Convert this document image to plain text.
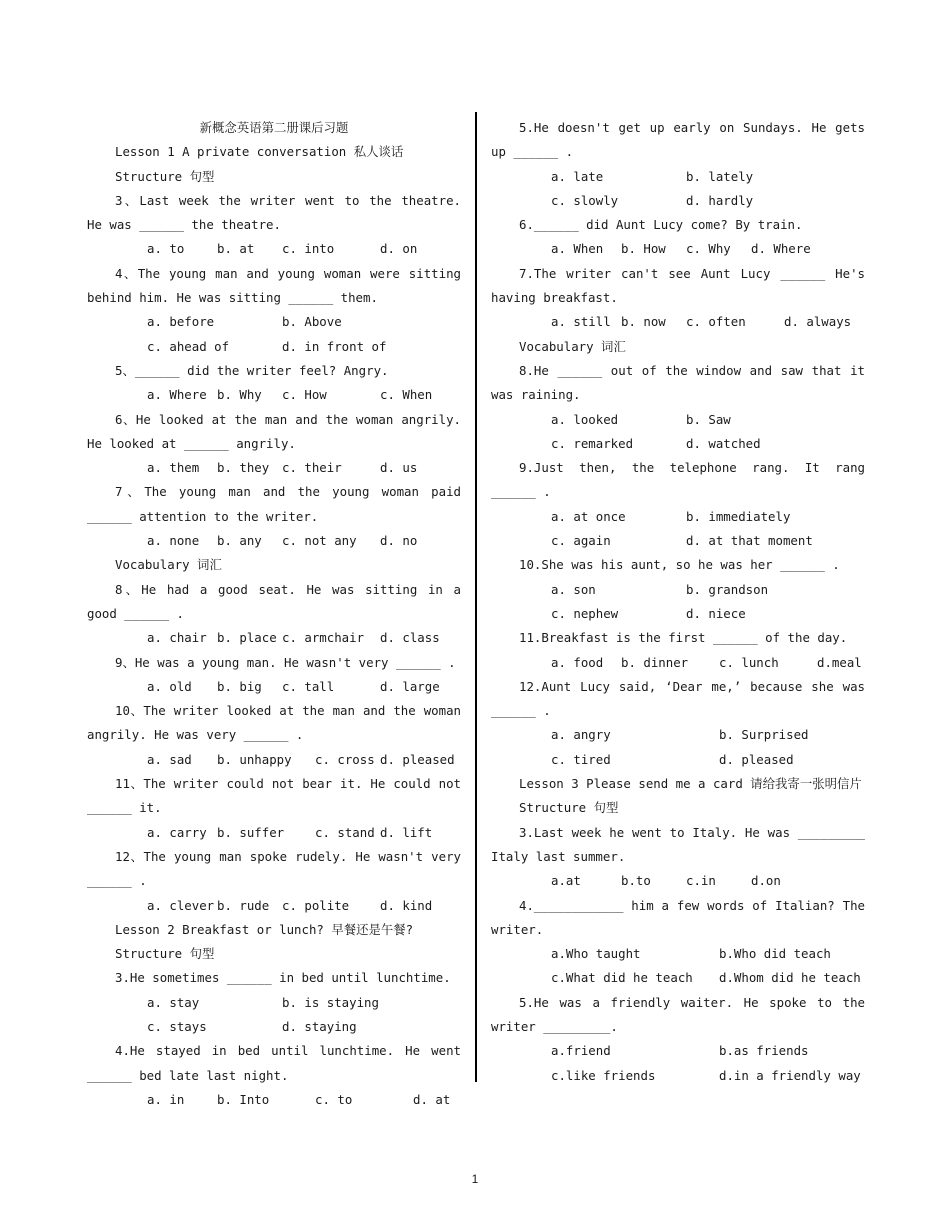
新概念英语第二册课后习题
Lesson 1 A private conversation 私人谈话
Structure 句型
3、Last week the writer went to the theatre. He was ______ the theatre.
a. to	b. at c. into	d. on
4、The young man and young woman were sitting behind him. He was sitting ______ them.
a. before	b. Above
c. ahead of	d. in front of
5、______ did the writer feel? Angry.
a. Where b. Why c. How	c. When
6、He looked at the man and the woman angrily. He looked at ______ angrily.
a. them b. they c. their	d. us
7、The young man and the young woman paid ______ attention to the writer.
a. none b. any c. not any d. no
Vocabulary 词汇
8、He had a good seat. He was sitting in a good ______ .
a. chair b. place c. armchair d. class
9、He was a young man. He wasn't very ______ .
a. old b. big c. tall	d. large
10、The writer looked at the man and the woman angrily. He was very ______ .
a. sad b. unhappy c. cross d. pleased
11、The writer could not bear it. He could not ______ it.
a. carry b. suffer c. stand d. lift
12、The young man spoke rudely. He wasn't very ______ .
a. clever b. rude c. polite d. kind
Lesson 2 Breakfast or lunch? 早餐还是午餐?
Structure 句型
3.He sometimes ______ in bed until lunchtime.
a. stay	b. is staying
c. stays	d. staying
4.He stayed in bed until lunchtime. He went ______ bed late last night.
a. in	b. Into	c. to	d. at
5.He doesn't get up early on Sundays. He gets up ______ .
a. late	b. lately
c. slowly	d. hardly
6.______ did Aunt Lucy come? By train.
a. When b. How c. Why d. Where
7.The writer can't see Aunt Lucy ______ He's having breakfast.
a. still b. now c. often	d. always
Vocabulary 词汇
8.He ______ out of the window and saw that it was raining.
a. looked	b. Saw
c. remarked	d. watched
9.Just then, the telephone rang. It rang ______ .
a. at once	b. immediately
c. again	d. at that moment
10.She was his aunt, so he was her ______ .
a. son	b. grandson
c. nephew	d. niece
11.Breakfast is the first ______ of the day.
a. food b. dinner c. lunch	d.meal
12.Aunt Lucy said, ‘Dear me,’ because she was ______ .
a. angry	b. Surprised
c. tired	d. pleased
Lesson 3 Please send me a card 请给我寄一张明信片
Structure 句型
3.Last week he went to Italy. He was _________ Italy last summer.
a.at	b.to	c.in	d.on
4.____________ him a few words of Italian? The writer.
a.Who taught	b.Who did teach
c.What did he teach d.Whom did he teach
5.He was a friendly waiter. He spoke to the writer _________.
a.friend	b.as friends
c.like friends	d.in a friendly way
1
